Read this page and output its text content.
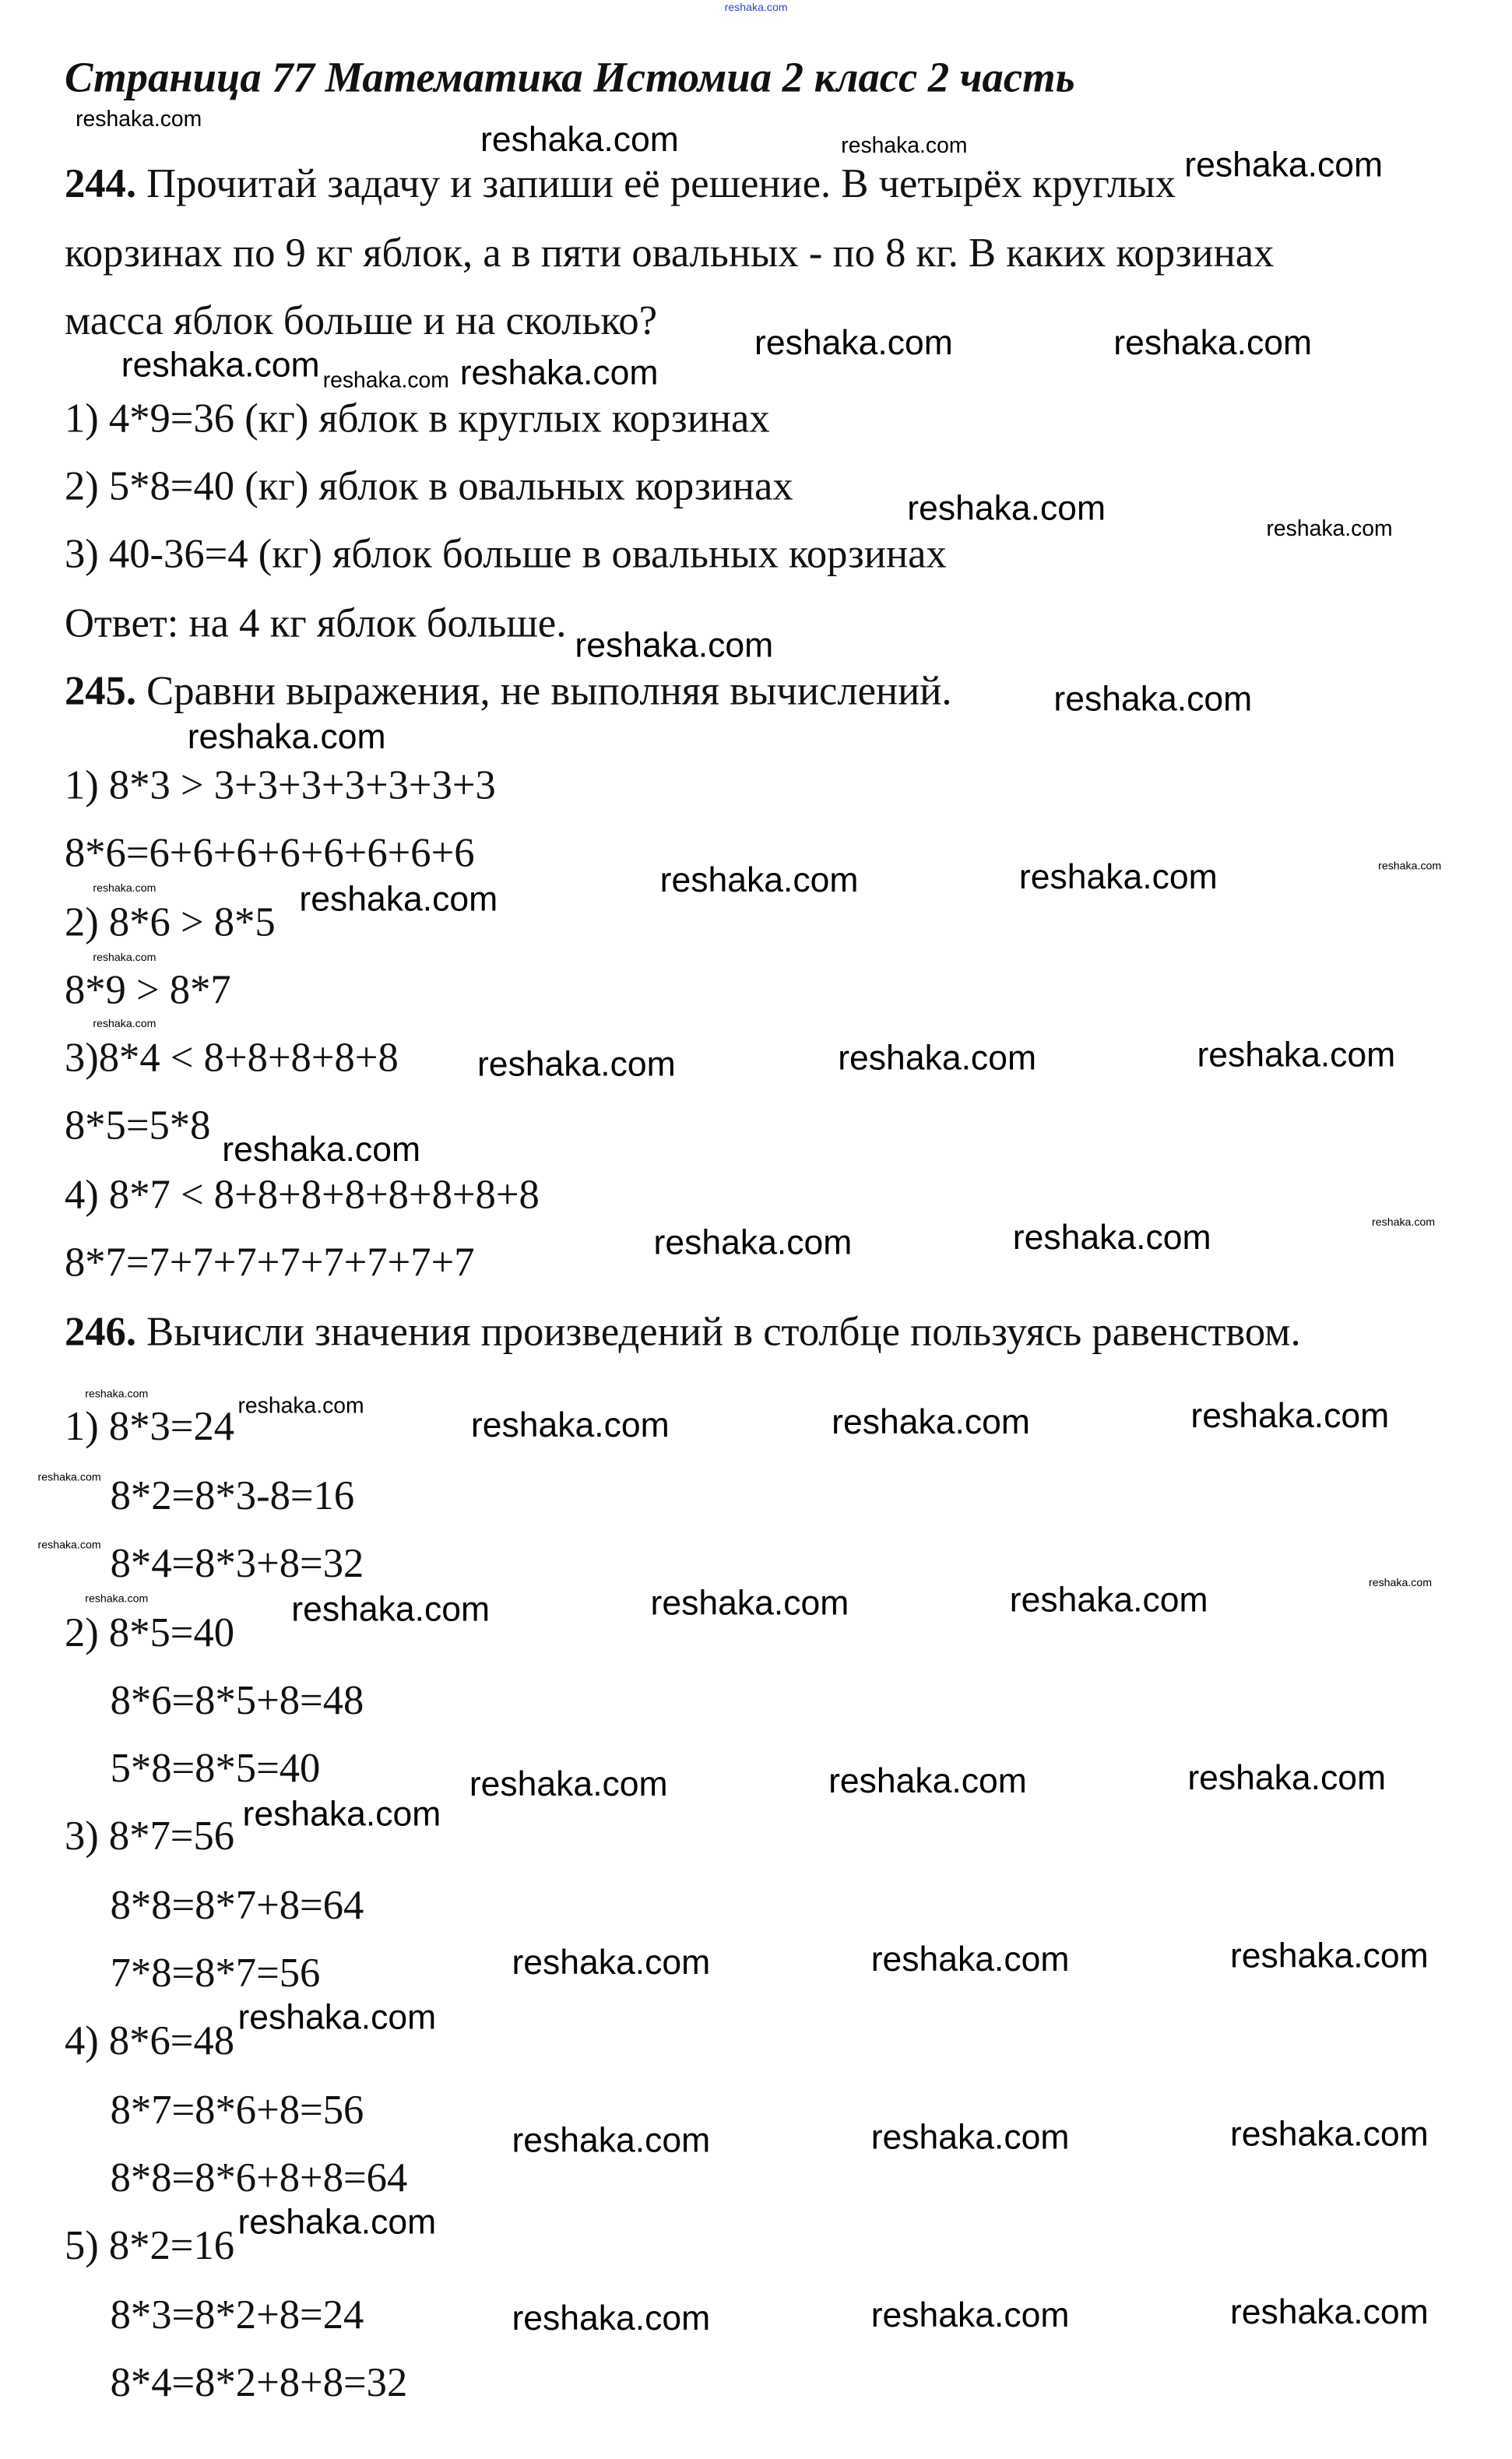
Страница 77 Математика Истомиа 2 класс 2 часть
244. Прочитай задачу и запиши её решение. В четырёх круглых
корзинах по 9 кг яблок, а в пяти овальных - по 8 кг. В каких корзинах
масса яблок больше и на сколько?
1) 4*9=36 (кг) яблок в круглых корзинах
2) 5*8=40 (кг) яблок в овальных корзинах
3) 40-36=4 (кг) яблок больше в овальных корзинах
Ответ: на 4 кг яблок больше.
245. Сравни выражения, не выполняя вычислений.
1) 8*3 > 3+3+3+3+3+3+3
8*6=6+6+6+6+6+6+6+6
2) 8*6 > 8*5
8*9 > 8*7
3)8*4 < 8+8+8+8+8
8*5=5*8
4) 8*7 < 8+8+8+8+8+8+8+8
8*7=7+7+7+7+7+7+7+7
246. Вычисли значения произведений в столбце пользуясь равенством.
1) 8*3=24
8*2=8*3-8=16
8*4=8*3+8=32
2) 8*5=40
8*6=8*5+8=48
5*8=8*5=40
3) 8*7=56
8*8=8*7+8=64
7*8=8*7=56
4) 8*6=48
8*7=8*6+8=56
8*8=8*6+8+8=64
5) 8*2=16
8*3=8*2+8=24
8*4=8*2+8+8=32
reshaka.com
reshaka.com
reshaka.com	reshaka.com	reshaka.com
reshaka.com
reshaka.com	reshaka.com
reshaka.com reshaka.com
reshaka.com	reshaka.com
reshaka.com
reshaka.com
reshaka.com
reshaka.com	reshaka.com	reshaka.com	reshaka.com
reshaka.com
reshaka.com
reshaka.com
reshaka.com	reshaka.com	reshaka.com
reshaka.com
reshaka.com	reshaka.com	reshaka.com
reshaka.com	reshaka.com	reshaka.com	reshaka.com	reshaka.com
reshaka.com
reshaka.com
reshaka.com	reshaka.com	reshaka.com	reshaka.com
reshaka.com
reshaka.com
reshaka.com	reshaka.com	reshaka.com
reshaka.com
reshaka.com	reshaka.com	reshaka.com
reshaka.com	reshaka.com	reshaka.com
reshaka.com
reshaka.com	reshaka.com	reshaka.com
